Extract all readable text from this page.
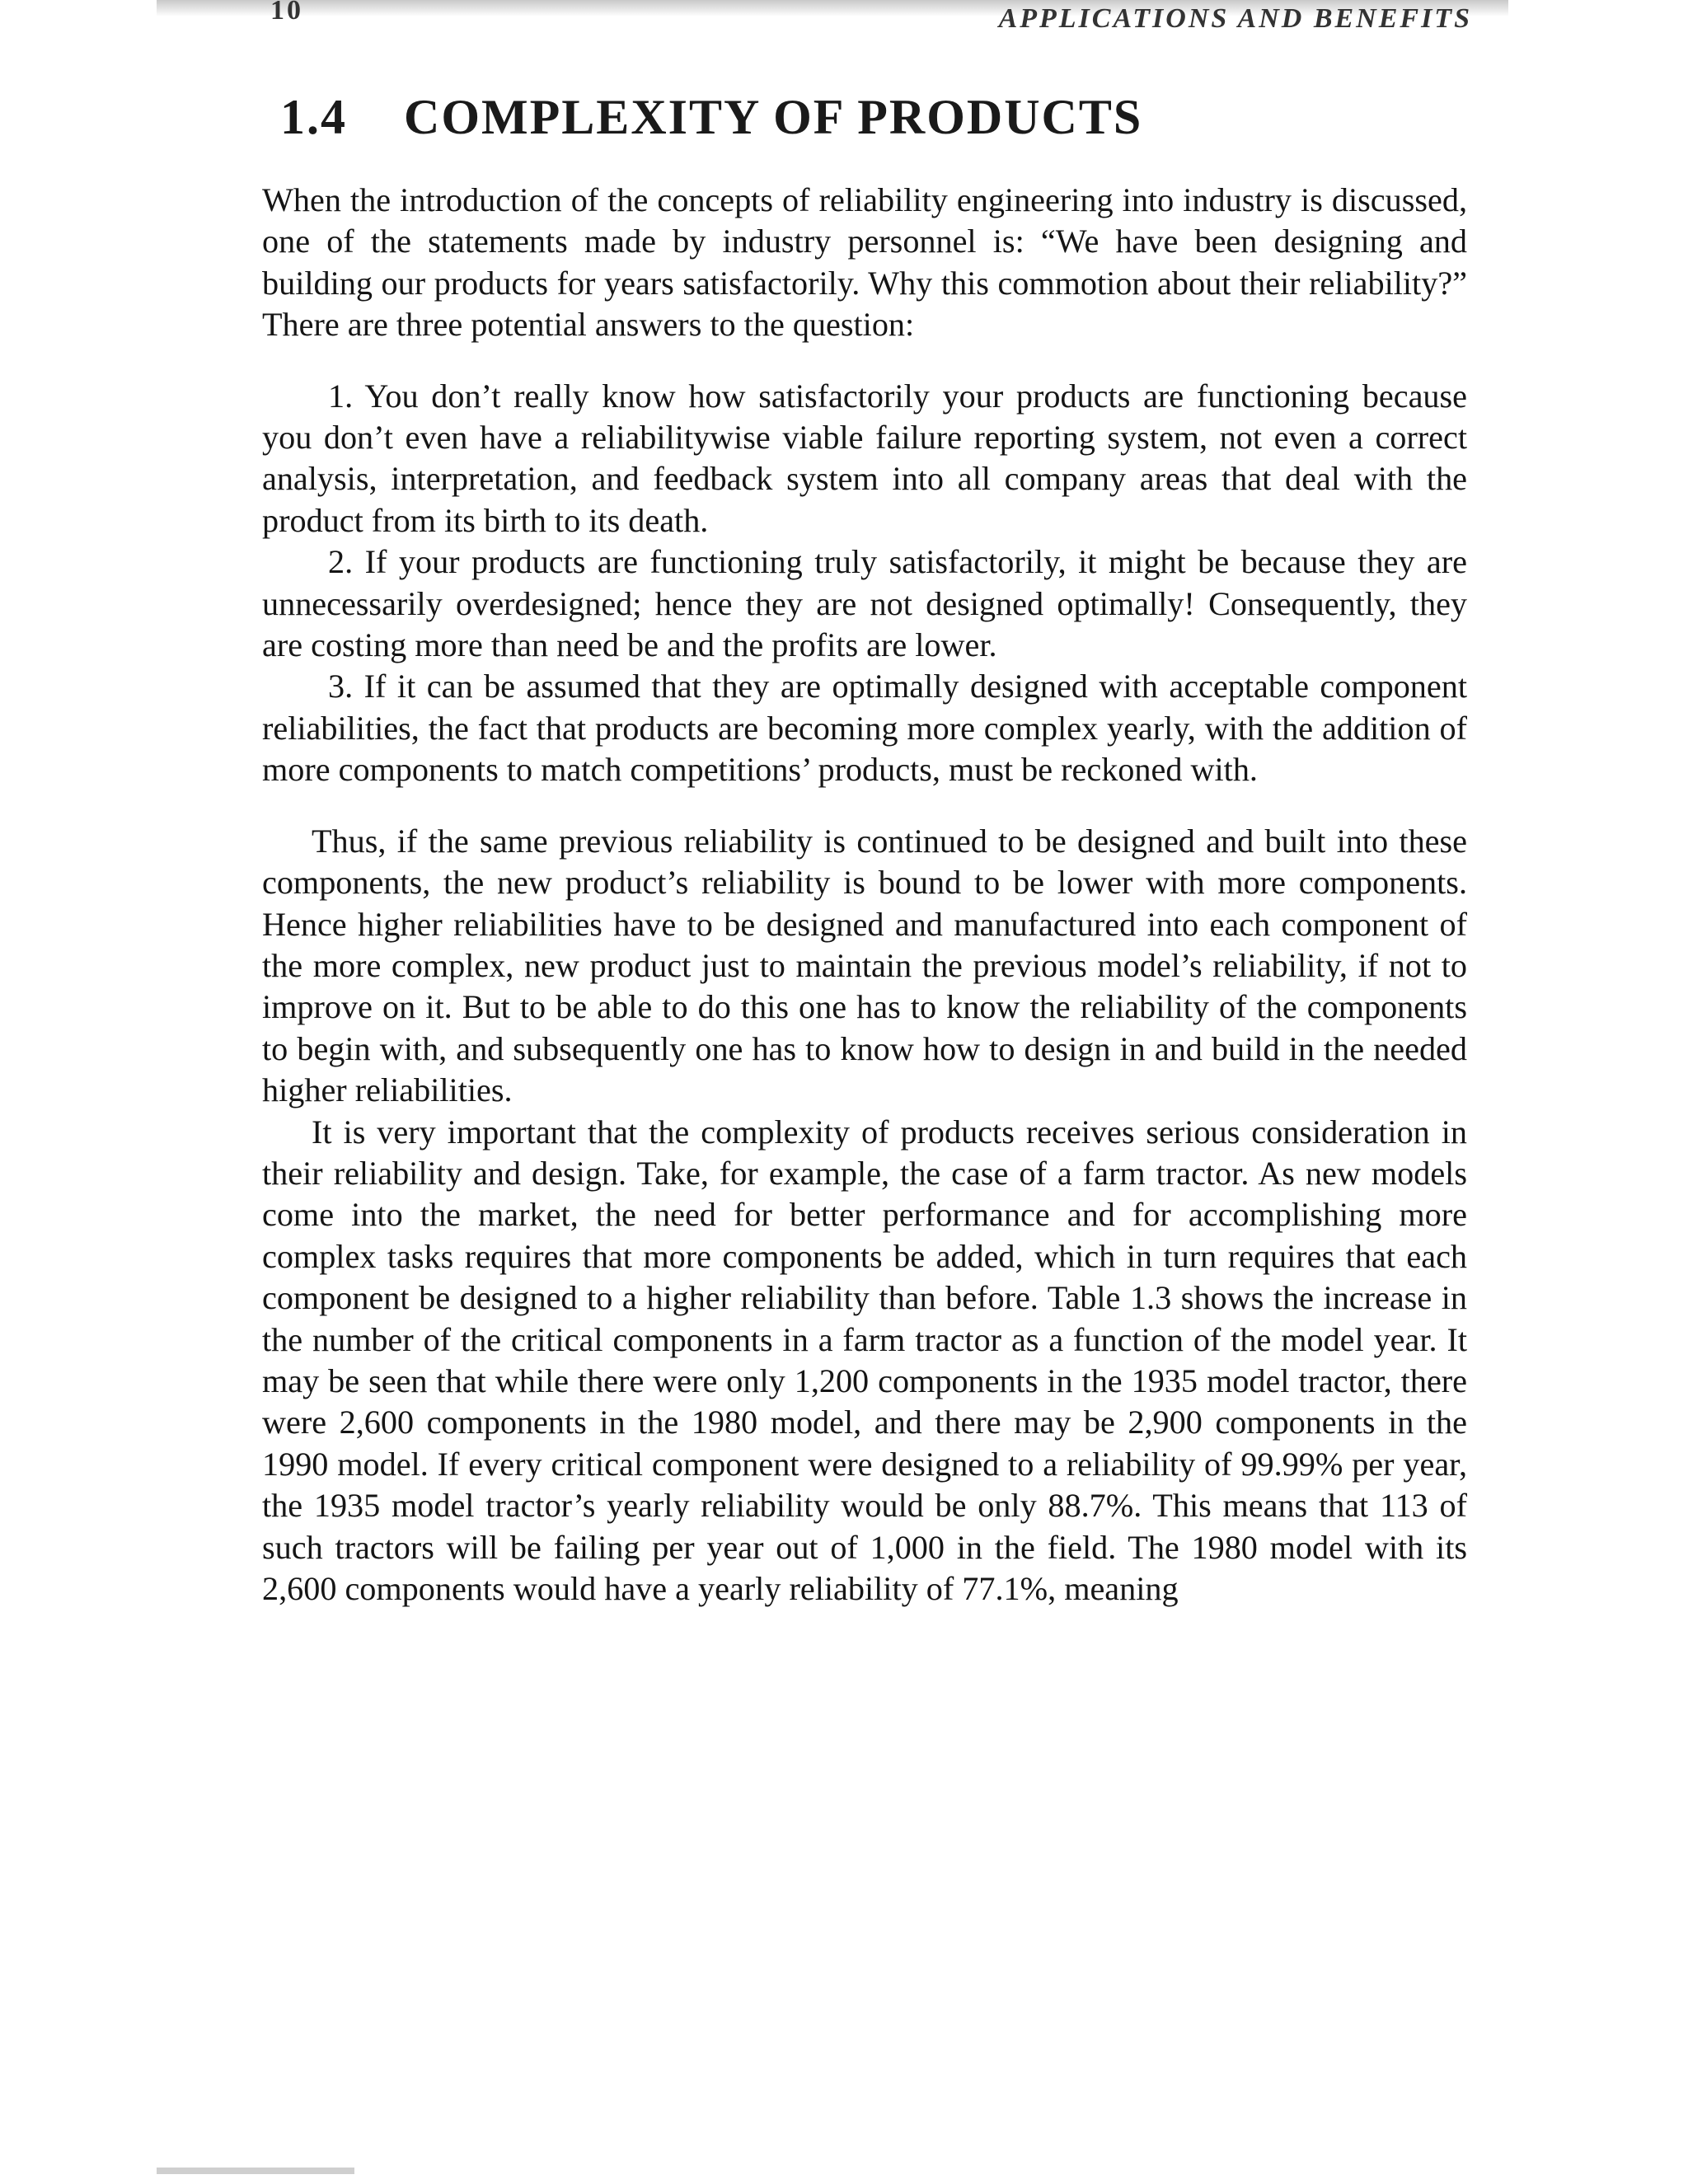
10	APPLICATIONS AND BENEFITS
1.4 COMPLEXITY OF PRODUCTS

When the introduction of the concepts of reliability engineering into industry is discussed, one of the statements made by industry personnel is: “We have been designing and building our products for years satisfactorily. Why this commotion about their reliability?” There are three potential answers to the question:

1. You don’t really know how satisfactorily your products are functioning because you don’t even have a reliabilitywise viable failure reporting system, not even a correct analysis, interpretation, and feedback system into all company areas that deal with the product from its birth to its death.

2. If your products are functioning truly satisfactorily, it might be because they are unnecessarily overdesigned; hence they are not designed optimally! Consequently, they are costing more than need be and the profits are lower.

3. If it can be assumed that they are optimally designed with acceptable component reliabilities, the fact that products are becoming more complex yearly, with the addition of more components to match competitions’ products, must be reckoned with.

Thus, if the same previous reliability is continued to be designed and built into these components, the new product’s reliability is bound to be lower with more components. Hence higher reliabilities have to be designed and manufactured into each component of the more complex, new product just to maintain the previous model’s reliability, if not to improve on it. But to be able to do this one has to know the reliability of the components to begin with, and subsequently one has to know how to design in and build in the needed higher reliabilities.

It is very important that the complexity of products receives serious consideration in their reliability and design. Take, for example, the case of a farm tractor. As new models come into the market, the need for better performance and for accomplishing more complex tasks requires that more components be added, which in turn requires that each component be designed to a higher reliability than before. Table 1.3 shows the increase in the number of the critical components in a farm tractor as a function of the model year. It may be seen that while there were only 1,200 components in the 1935 model tractor, there were 2,600 components in the 1980 model, and there may be 2,900 components in the 1990 model. If every critical component were designed to a reliability of 99.99% per year, the 1935 model tractor’s yearly reliability would be only 88.7%. This means that 113 of such tractors will be failing per year out of 1,000 in the field. The 1980 model with its 2,600 components would have a yearly reliability of 77.1%, meaning
